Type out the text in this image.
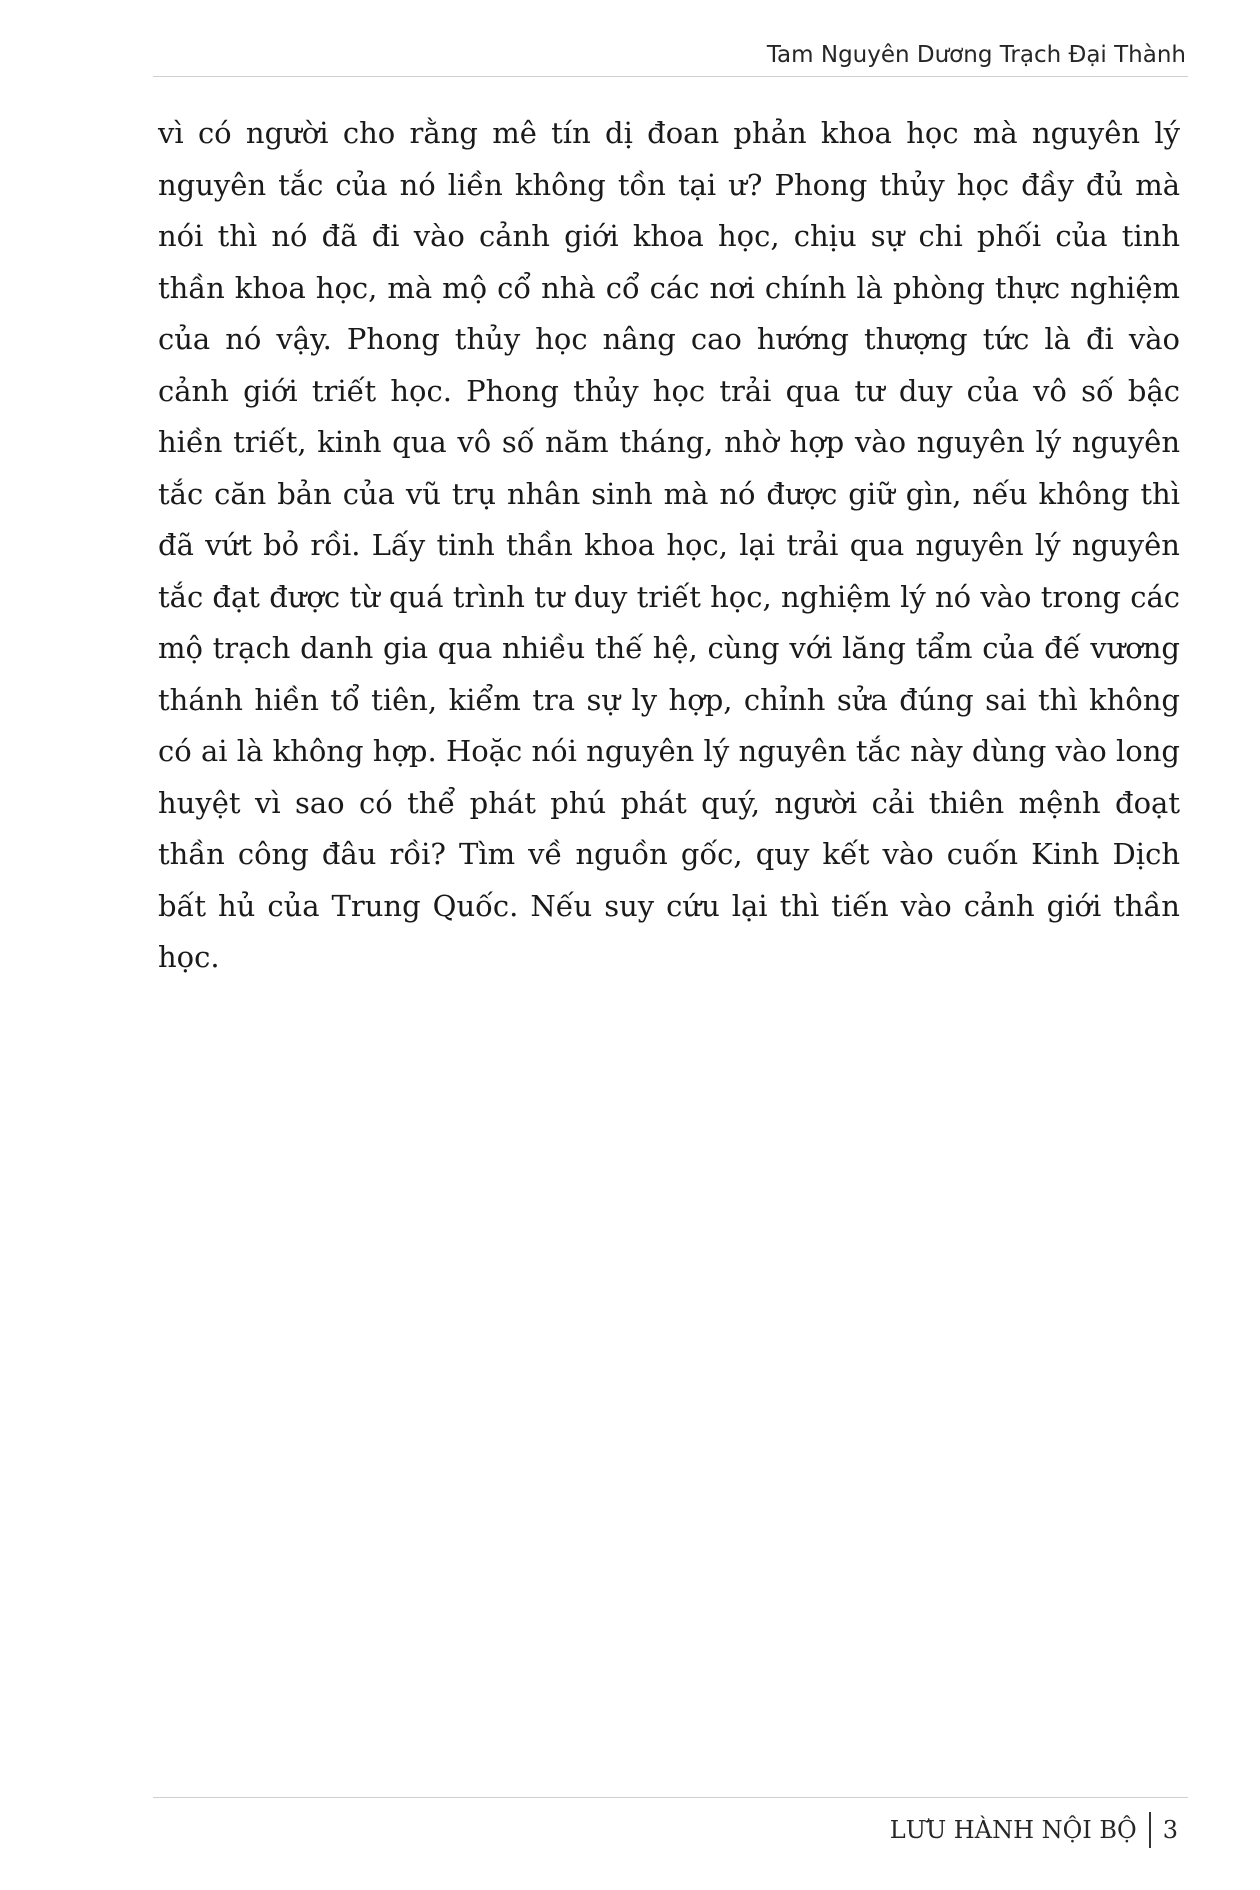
Tam Nguyên Dương Trạch Đại Thành

vì có người cho rằng mê tín dị đoan phản khoa học mà nguyên lý nguyên tắc của nó liền không tồn tại ư? Phong thủy học đầy đủ mà nói thì nó đã đi vào cảnh giới khoa học, chịu sự chi phối của tinh thần khoa học, mà mộ cổ nhà cổ các nơi chính là phòng thực nghiệm của nó vậy. Phong thủy học nâng cao hướng thượng tức là đi vào cảnh giới triết học. Phong thủy học trải qua tư duy của vô số bậc hiền triết, kinh qua vô số năm tháng, nhờ hợp vào nguyên lý nguyên tắc căn bản của vũ trụ nhân sinh mà nó được giữ gìn, nếu không thì đã vứt bỏ rồi. Lấy tinh thần khoa học, lại trải qua nguyên lý nguyên tắc đạt được từ quá trình tư duy triết học, nghiệm lý nó vào trong các mộ trạch danh gia qua nhiều thế hệ, cùng với lăng tẩm của đế vương thánh hiền tổ tiên, kiểm tra sự ly hợp, chỉnh sửa đúng sai thì không có ai là không hợp. Hoặc nói nguyên lý nguyên tắc này dùng vào long huyệt vì sao có thể phát phú phát quý, người cải thiên mệnh đoạt thần công đâu rồi? Tìm về nguồn gốc, quy kết vào cuốn Kinh Dịch bất hủ của Trung Quốc. Nếu suy cứu lại thì tiến vào cảnh giới thần học.

LƯU HÀNH NỘI BỘ 3
